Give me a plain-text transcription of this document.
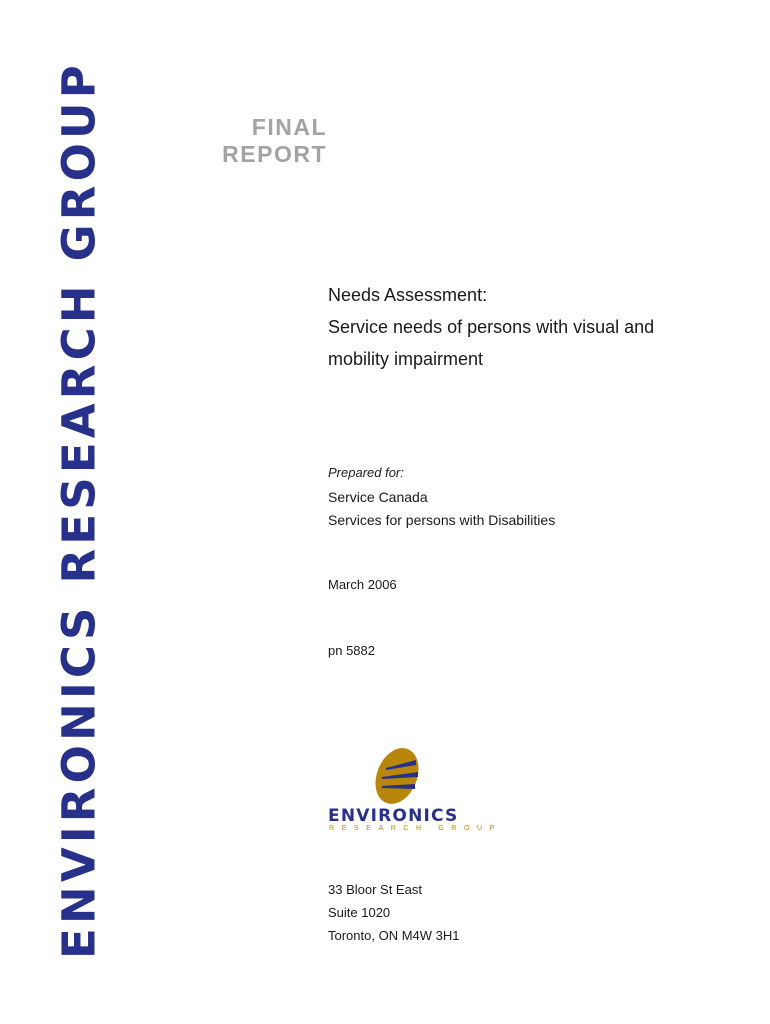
ENVIRONICS RESEARCH GROUP	FINAL
REPORT
Needs Assessment:
Service needs of persons with visual and
mobility impairment
Prepared for:
Service Canada
Services for persons with Disabilities
March 2006
pn 5882
ENVIRONICS
RESEARCH GROUP
33 Bloor St East
Suite 1020
Toronto, ON M4W 3H1
